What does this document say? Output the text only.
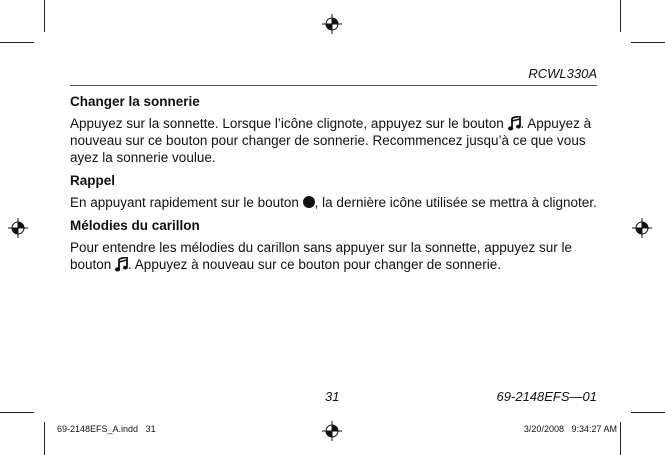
RCWL330A

Changer la sonnerie

Appuyez sur la sonnette. Lorsque l’icône clignote, appuyez sur le bouton . Appuyez à nouveau sur ce bouton pour changer de sonnerie. Recommencez jusqu’à ce que vous ayez la sonnerie voulue.

Rappel

En appuyant rapidement sur le bouton , la dernière icône utilisée se mettra à clignoter.

Mélodies du carillon

Pour entendre les mélodies du carillon sans appuyer sur la sonnette, appuyez sur le bouton . Appuyez à nouveau sur ce bouton pour changer de sonnerie.

31	69-2148EFS—01
69-2148EFS_A.indd   31	3/20/2008   9:34:27 AM
